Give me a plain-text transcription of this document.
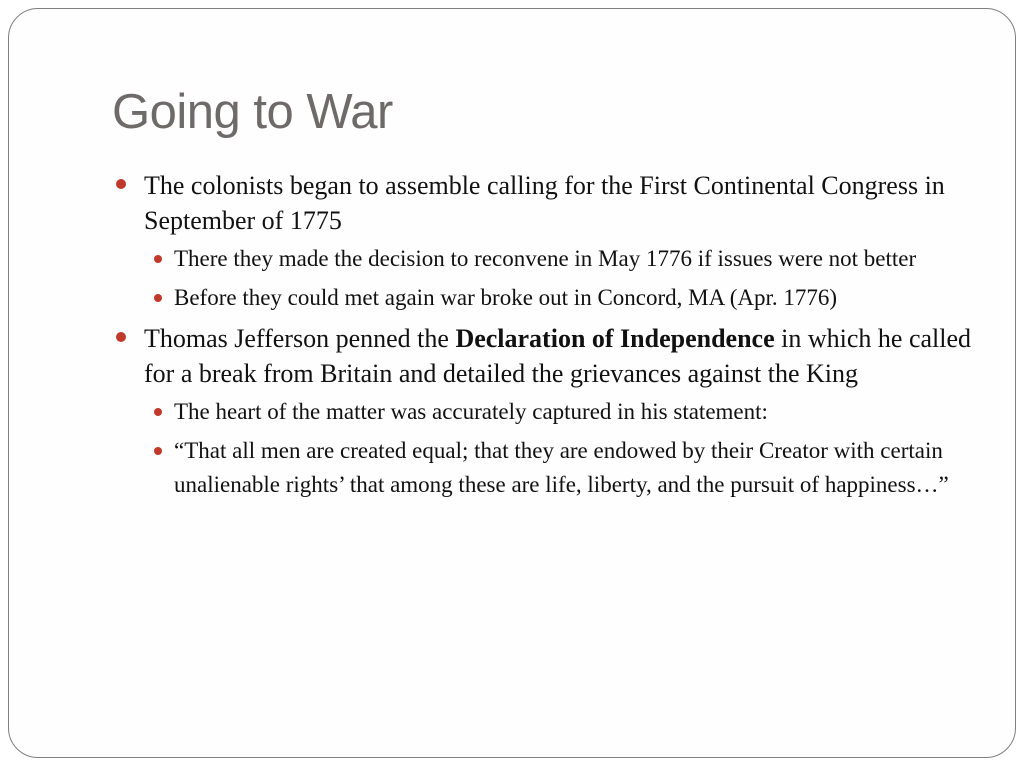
Going to War
The colonists began to assemble calling for the First Continental Congress in September of 1775
There they made the decision to reconvene in May 1776 if issues were not better
Before they could met again war broke out in Concord, MA (Apr. 1776)
Thomas Jefferson penned the Declaration of Independence in which he called for a break from Britain and detailed the grievances against the King
The heart of the matter was accurately captured in his statement:
“That all men are created equal; that they are endowed by their Creator with certain unalienable rights’ that among these are life, liberty, and the pursuit of happiness…”
